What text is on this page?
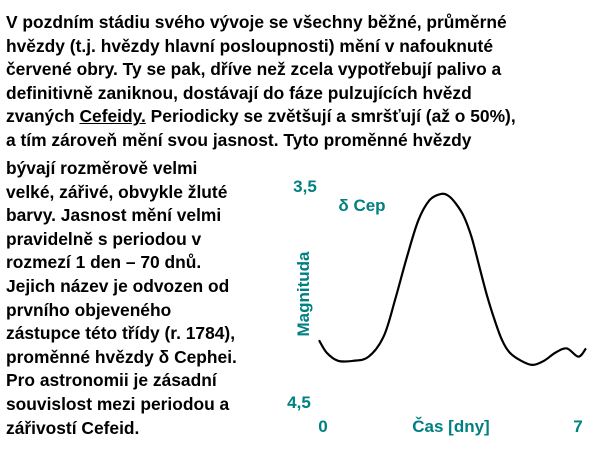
V pozdním stádiu svého vývoje se všechny běžné, průměrné
hvězdy (t.j. hvězdy hlavní posloupnosti) mění v nafouknuté
červené obry. Ty se pak, dříve než zcela vypotřebují palivo a
definitivně zaniknou, dostávají do fáze pulzujících hvězd
zvaných Cefeidy. Periodicky se zvětšují a smršťují (až o 50%),
a tím zároveň mění svou jasnost. Tyto proměnné hvězdy
bývají rozměrově velmi
velké, zářivé, obvykle žluté
barvy. Jasnost mění velmi
pravidelně s periodou v
rozmezí 1 den – 70 dnů.
Jejich název je odvozen od
prvního objeveného
zástupce této třídy (r. 1784),
proměnné hvězdy δ Cephei.
Pro astronomii je zásadní
souvislost mezi periodou a
zářivostí Cefeid.
3,5
4,5
0	7
Čas [dny]
Magnituda
δ Cep
